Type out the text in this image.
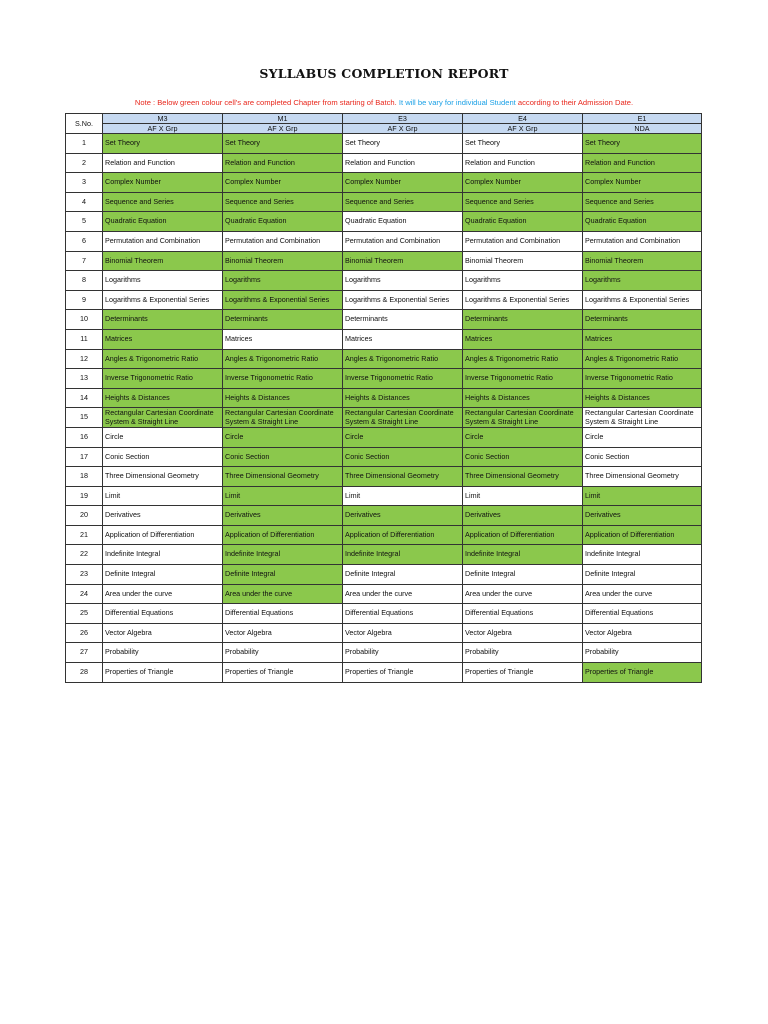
SYLLABUS COMPLETION REPORT
Note : Below green colour cell's are completed Chapter from starting of Batch. It will be vary for individual Student according to their Admission Date.
S.No.	M3	M1	E3	E4	E1
	AF X Grp	AF X Grp	AF X Grp	AF X Grp	NDA
1	Set Theory	Set Theory	Set Theory	Set Theory	Set Theory
2	Relation and Function	Relation and Function	Relation and Function	Relation and Function	Relation and Function
3	Complex Number	Complex Number	Complex Number	Complex Number	Complex Number
4	Sequence and Series	Sequence and Series	Sequence and Series	Sequence and Series	Sequence and Series
5	Quadratic Equation	Quadratic Equation	Quadratic Equation	Quadratic Equation	Quadratic Equation
6	Permutation and Combination	Permutation and Combination	Permutation and Combination	Permutation and Combination	Permutation and Combination
7	Binomial Theorem	Binomial Theorem	Binomial Theorem	Binomial Theorem	Binomial Theorem
8	Logarithms	Logarithms	Logarithms	Logarithms	Logarithms
9	Logarithms & Exponential Series	Logarithms & Exponential Series	Logarithms & Exponential Series	Logarithms & Exponential Series	Logarithms & Exponential Series
10	Determinants	Determinants	Determinants	Determinants	Determinants
11	Matrices	Matrices	Matrices	Matrices	Matrices
12	Angles & Trigonometric Ratio	Angles & Trigonometric Ratio	Angles & Trigonometric Ratio	Angles & Trigonometric Ratio	Angles & Trigonometric Ratio
13	Inverse Trigonometric Ratio	Inverse Trigonometric Ratio	Inverse Trigonometric Ratio	Inverse Trigonometric Ratio	Inverse Trigonometric Ratio
14	Heights & Distances	Heights & Distances	Heights & Distances	Heights & Distances	Heights & Distances
15	Rectangular Cartesian Coordinate System & Straight Line	Rectangular Cartesian Coordinate System & Straight Line	Rectangular Cartesian Coordinate System & Straight Line	Rectangular Cartesian Coordinate System & Straight Line	Rectangular Cartesian Coordinate System & Straight Line
16	Circle	Circle	Circle	Circle	Circle
17	Conic Section	Conic Section	Conic Section	Conic Section	Conic Section
18	Three Dimensional Geometry	Three Dimensional Geometry	Three Dimensional Geometry	Three Dimensional Geometry	Three Dimensional Geometry
19	Limit	Limit	Limit	Limit	Limit
20	Derivatives	Derivatives	Derivatives	Derivatives	Derivatives
21	Application of Differentiation	Application of Differentiation	Application of Differentiation	Application of Differentiation	Application of Differentiation
22	Indefinite Integral	Indefinite Integral	Indefinite Integral	Indefinite Integral	Indefinite Integral
23	Definite Integral	Definite Integral	Definite Integral	Definite Integral	Definite Integral
24	Area under the curve	Area under the curve	Area under the curve	Area under the curve	Area under the curve
25	Differential Equations	Differential Equations	Differential Equations	Differential Equations	Differential Equations
26	Vector Algebra	Vector Algebra	Vector Algebra	Vector Algebra	Vector Algebra
27	Probability	Probability	Probability	Probability	Probability
28	Properties of Triangle	Properties of Triangle	Properties of Triangle	Properties of Triangle	Properties of Triangle
